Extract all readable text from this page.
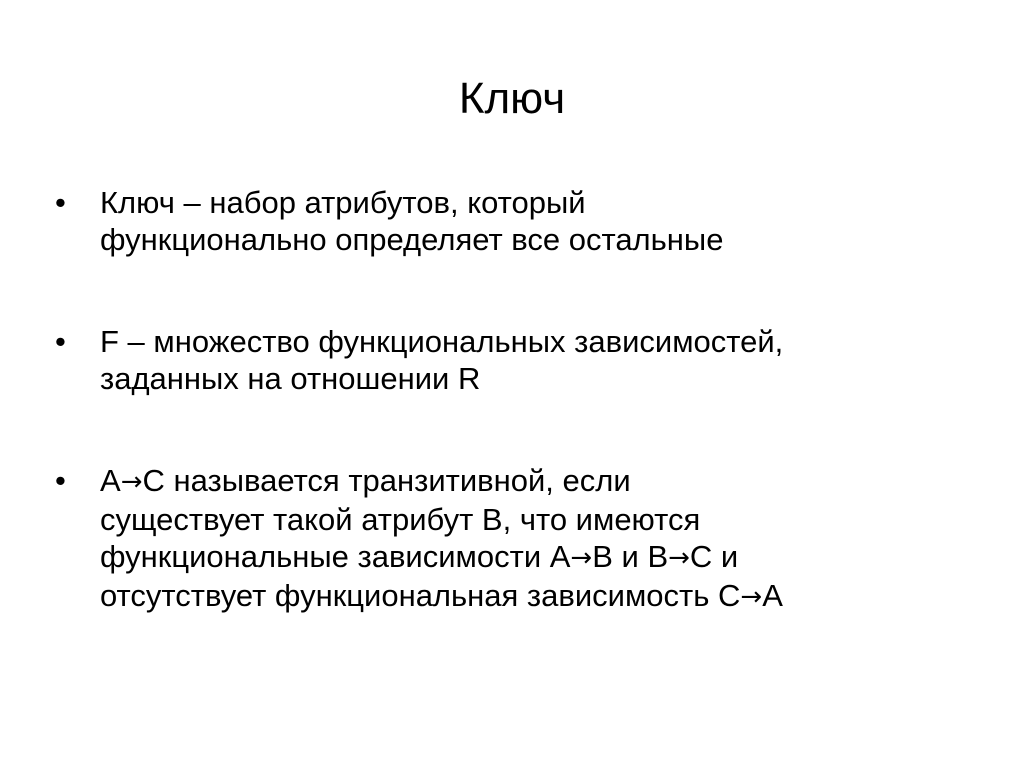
Ключ
•	Ключ – набор атрибутов, который
функционально определяет все остальные
•	F – множество функциональных зависимостей,
заданных на отношении R
•	A→C называется транзитивной, если
существует такой атрибут B, что имеются
функциональные зависимости A→B и B→C и
отсутствует функциональная зависимость C→A
